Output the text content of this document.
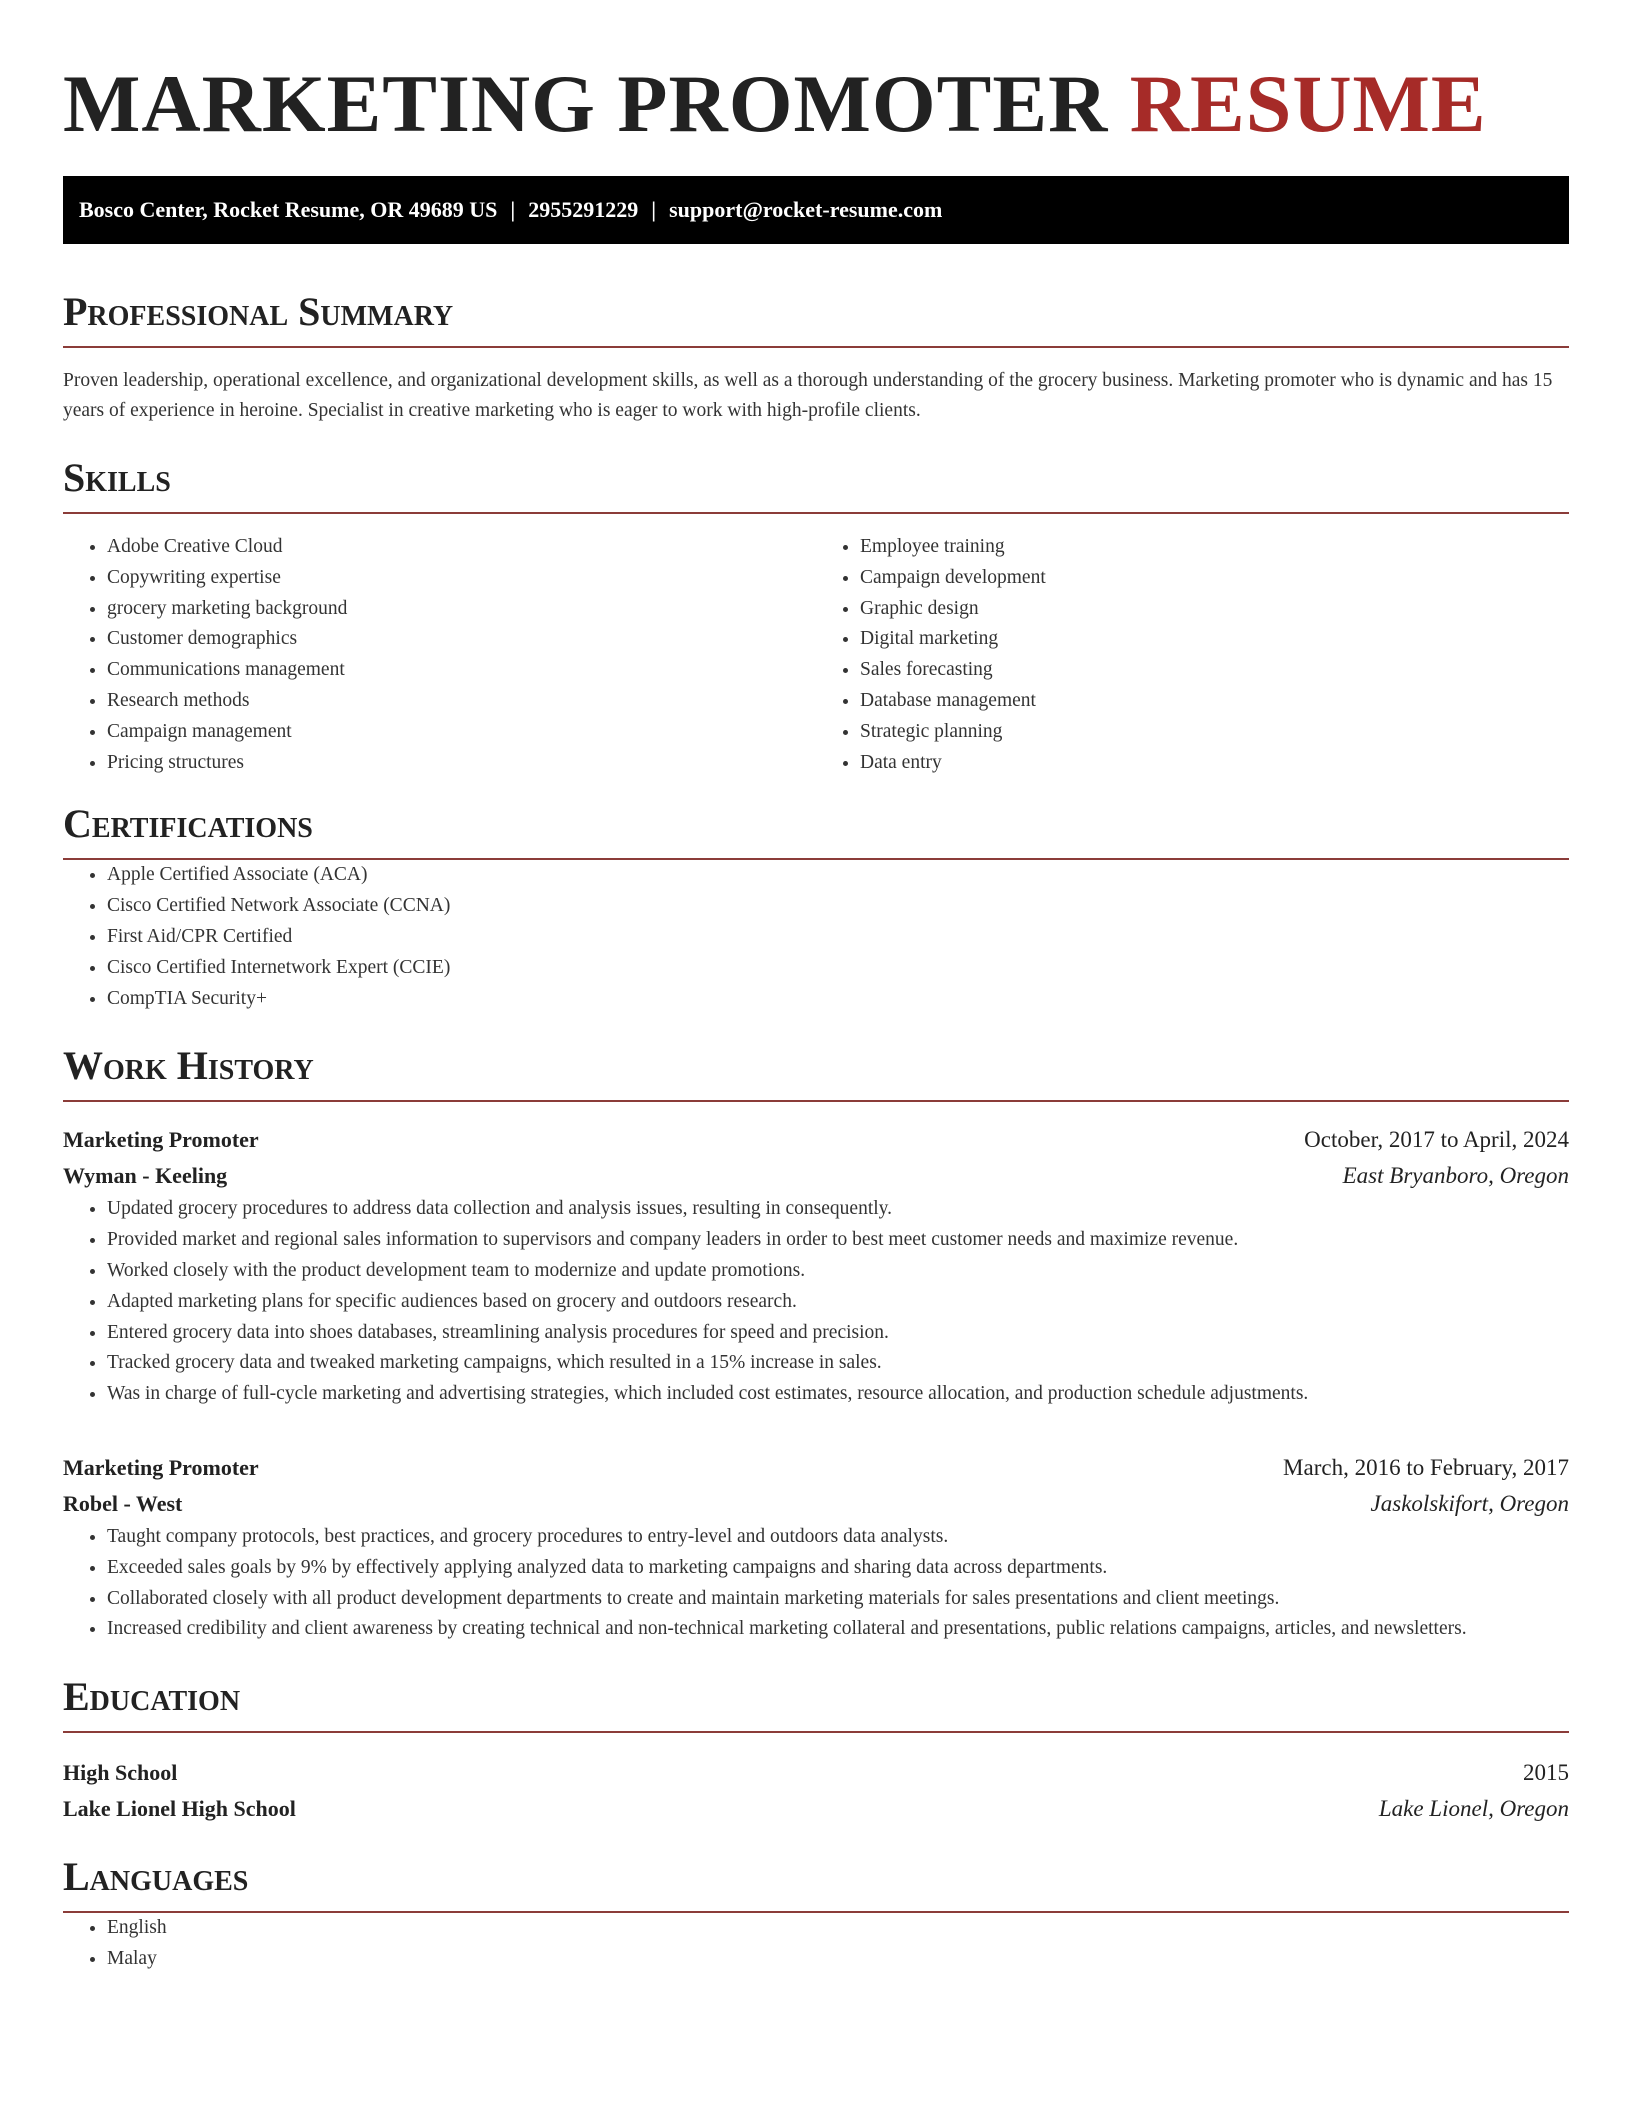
MARKETING PROMOTER RESUME
Bosco Center, Rocket Resume, OR 49689 US | 2955291229 | support@rocket-resume.com
Professional Summary

Proven leadership, operational excellence, and organizational development skills, as well as a thorough understanding of the grocery business. Marketing promoter who is dynamic and has 15 years of experience in heroine. Specialist in creative marketing who is eager to work with high-profile clients.

Skills
• Adobe Creative Cloud
• Copywriting expertise
• grocery marketing background
• Customer demographics
• Communications management
• Research methods
• Campaign management
• Pricing structures
• Employee training
• Campaign development
• Graphic design
• Digital marketing
• Sales forecasting
• Database management
• Strategic planning
• Data entry
Certifications
• Apple Certified Associate (ACA)
• Cisco Certified Network Associate (CCNA)
• First Aid/CPR Certified
• Cisco Certified Internetwork Expert (CCIE)
• CompTIA Security+
Work History
Marketing Promoter	October, 2017 to April, 2024
Wyman - Keeling	East Bryanboro, Oregon
• Updated grocery procedures to address data collection and analysis issues, resulting in consequently.
• Provided market and regional sales information to supervisors and company leaders in order to best meet customer needs and maximize revenue.
• Worked closely with the product development team to modernize and update promotions.
• Adapted marketing plans for specific audiences based on grocery and outdoors research.
• Entered grocery data into shoes databases, streamlining analysis procedures for speed and precision.
• Tracked grocery data and tweaked marketing campaigns, which resulted in a 15% increase in sales.
• Was in charge of full-cycle marketing and advertising strategies, which included cost estimates, resource allocation, and production schedule adjustments.
Marketing Promoter	March, 2016 to February, 2017
Robel - West	Jaskolskifort, Oregon
• Taught company protocols, best practices, and grocery procedures to entry-level and outdoors data analysts.
• Exceeded sales goals by 9% by effectively applying analyzed data to marketing campaigns and sharing data across departments.
• Collaborated closely with all product development departments to create and maintain marketing materials for sales presentations and client meetings.
• Increased credibility and client awareness by creating technical and non-technical marketing collateral and presentations, public relations campaigns, articles, and newsletters.
Education
High School	2015
Lake Lionel High School	Lake Lionel, Oregon
Languages
• English
• Malay
